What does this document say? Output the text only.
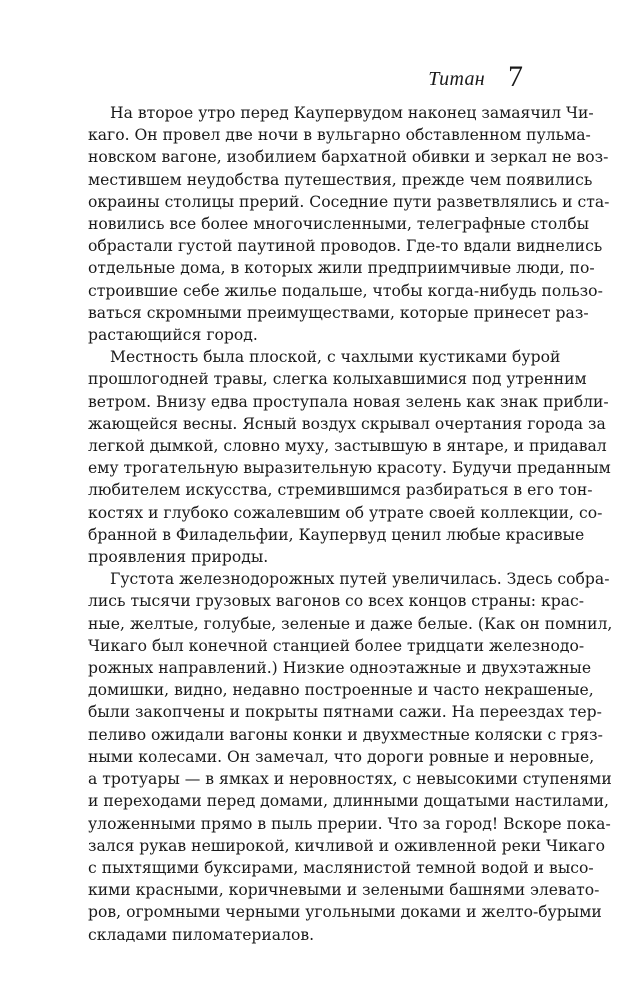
Титан 7
На второе утро перед Каупервудом наконец замаячил Чи-
каго. Он провел две ночи в вульгарно обставленном пульма-
новском вагоне, изобилием бархатной обивки и зеркал не воз-
местившем неудобства путешествия, прежде чем появились
окраины столицы прерий. Соседние пути разветвлялись и ста-
новились все более многочисленными, телеграфные столбы
обрастали густой паутиной проводов. Где-то вдали виднелись
отдельные дома, в которых жили предприимчивые люди, по-
строившие себе жилье подальше, чтобы когда-нибудь пользо-
ваться скромными преимуществами, которые принесет раз-
растающийся город.
Местность была плоской, с чахлыми кустиками бурой
прошлогодней травы, слегка колыхавшимися под утренним
ветром. Внизу едва проступала новая зелень как знак прибли-
жающейся весны. Ясный воздух скрывал очертания города за
легкой дымкой, словно муху, застывшую в янтаре, и придавал
ему трогательную выразительную красоту. Будучи преданным
любителем искусства, стремившимся разбираться в его тон-
костях и глубоко сожалевшим об утрате своей коллекции, со-
бранной в Филадельфии, Каупервуд ценил любые красивые
проявления природы.
Густота железнодорожных путей увеличилась. Здесь собра-
лись тысячи грузовых вагонов со всех концов страны: крас-
ные, желтые, голубые, зеленые и даже белые. (Как он помнил,
Чикаго был конечной станцией более тридцати железнодо-
рожных направлений.) Низкие одноэтажные и двухэтажные
домишки, видно, недавно построенные и часто некрашеные,
были закопчены и покрыты пятнами сажи. На переездах тер-
пеливо ожидали вагоны конки и двухместные коляски с гряз-
ными колесами. Он замечал, что дороги ровные и неровные,
а тротуары — в ямках и неровностях, с невысокими ступенями
и переходами перед домами, длинными дощатыми настилами,
уложенными прямо в пыль прерии. Что за город! Вскоре пока-
зался рукав неширокой, кичливой и оживленной реки Чикаго
с пыхтящими буксирами, маслянистой темной водой и высо-
кими красными, коричневыми и зелеными башнями элевато-
ров, огромными черными угольными доками и желто-бурыми
складами пиломатериалов.
